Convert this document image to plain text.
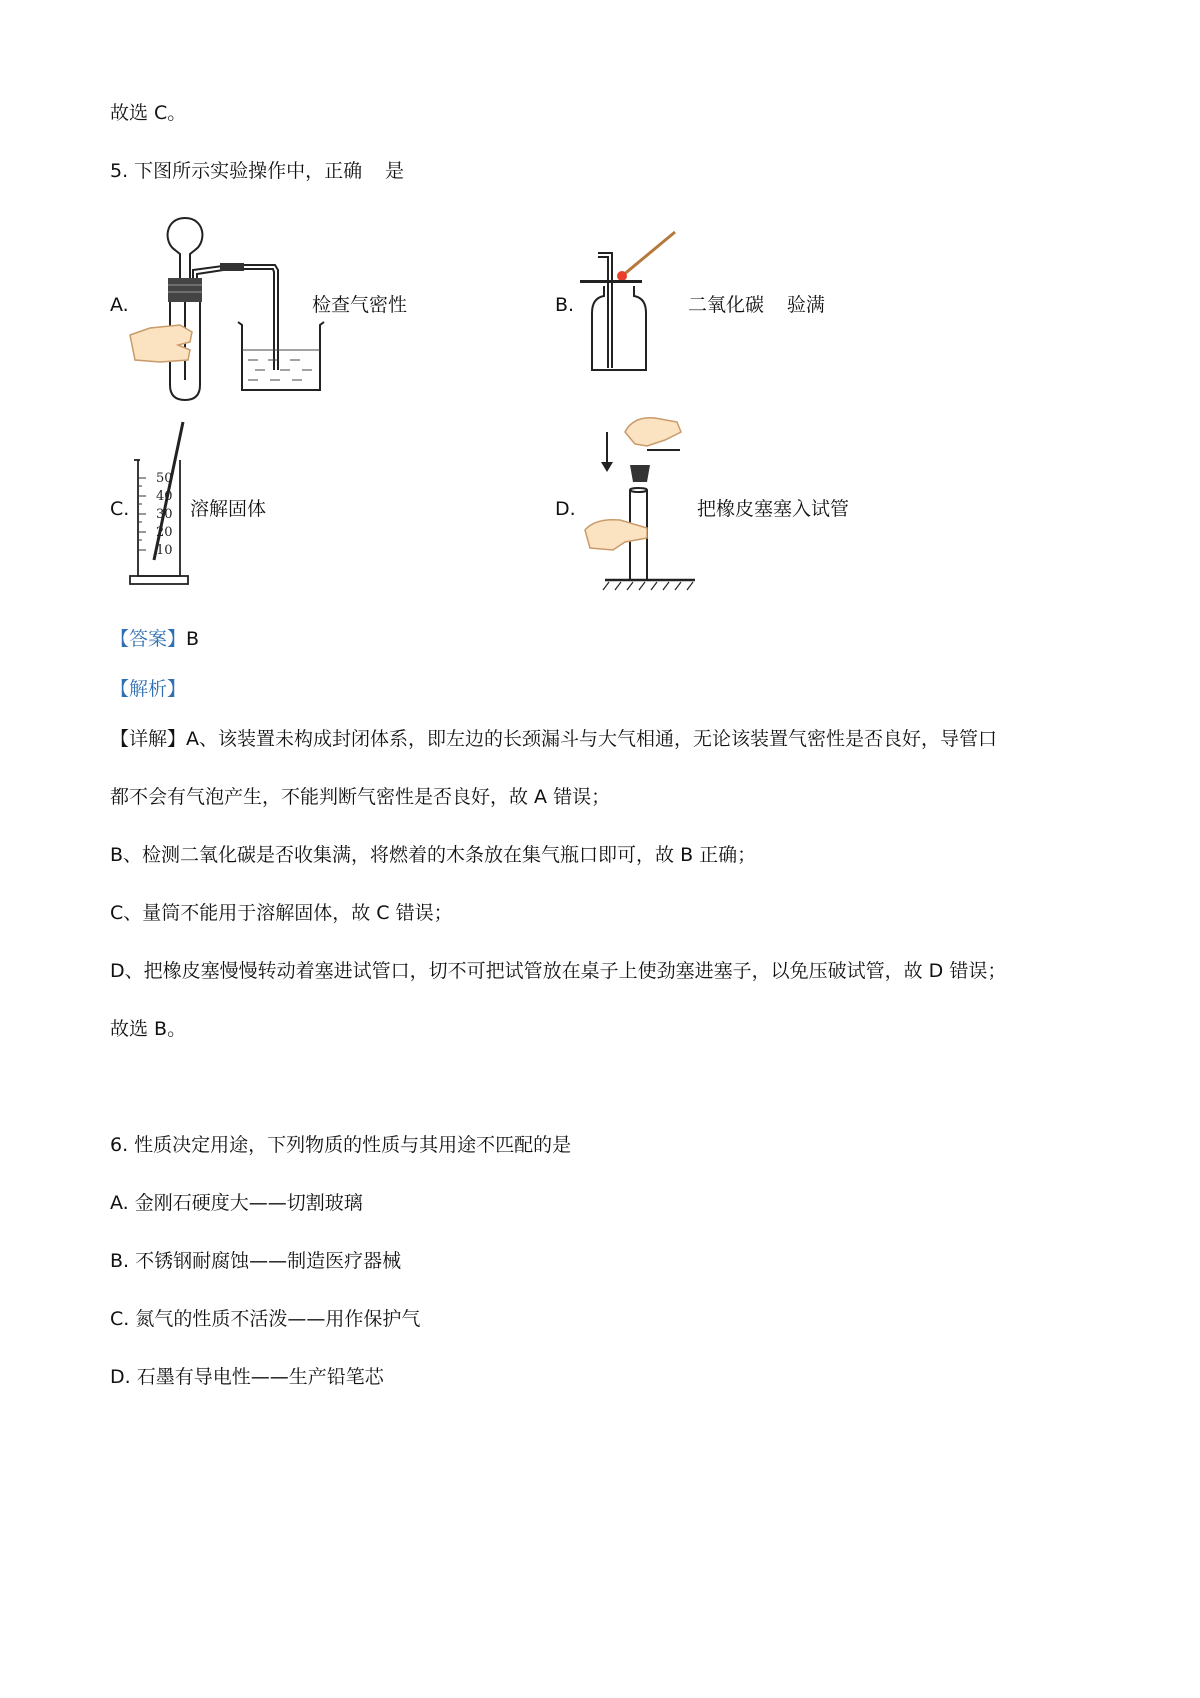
故选 C。
5. 下图所示实验操作中，正确 是
A.	检查气密性	B.	二氧化碳 验满
C.
50
40
30
20
10
溶解固体	D.	把橡皮塞塞入试管
【答案】B
【解析】
【详解】A、该装置未构成封闭体系，即左边的长颈漏斗与大气相通，无论该装置气密性是否良好，导管口
都不会有气泡产生，不能判断气密性是否良好，故 A 错误；
B、检测二氧化碳是否收集满，将燃着的木条放在集气瓶口即可，故 B 正确；
C、量筒不能用于溶解固体，故 C 错误；
D、把橡皮塞慢慢转动着塞进试管口，切不可把试管放在桌子上使劲塞进塞子，以免压破试管，故 D 错误；
故选 B。
6. 性质决定用途，下列物质的性质与其用途不匹配的是
A. 金刚石硬度大——切割玻璃
B. 不锈钢耐腐蚀——制造医疗器械
C. 氮气的性质不活泼——用作保护气
D. 石墨有导电性——生产铅笔芯
